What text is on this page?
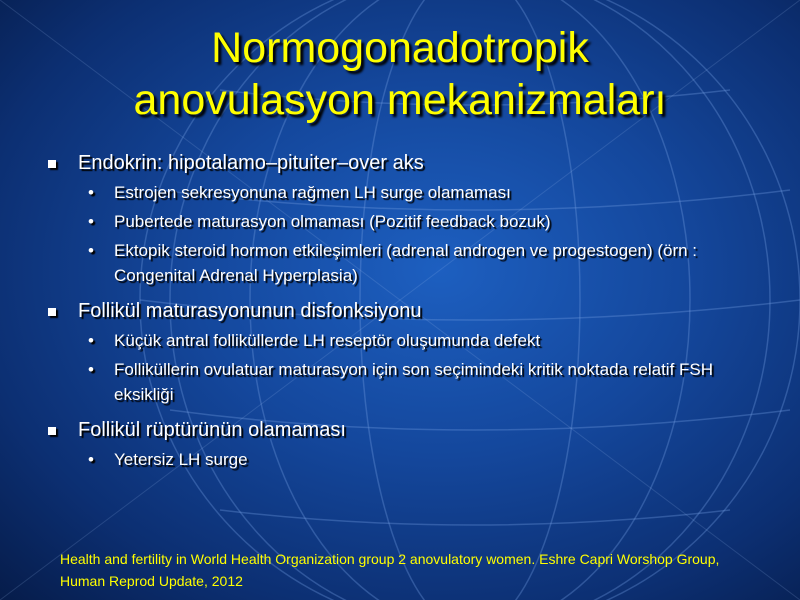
Normogonadotropik
anovulasyon mekanizmaları
Endokrin: hipotalamo–pituiter–over aks
• Estrojen sekresyonuna rağmen LH surge olamaması
• Pubertede maturasyon olmaması (Pozitif feedback bozuk)
• Ektopik steroid hormon etkileşimleri (adrenal androgen ve progestogen) (örn : Congenital Adrenal Hyperplasia)
Follikül maturasyonunun disfonksiyonu
• Küçük antral folliküllerde LH reseptör oluşumunda defekt
• Folliküllerin ovulatuar maturasyon için son seçimindeki kritik noktada relatif FSH eksikliği
Follikül rüptürünün olamaması
• Yetersiz LH surge
Health and fertility in World Health Organization group 2 anovulatory women. Eshre Capri Worshop Group,
Human Reprod Update, 2012
